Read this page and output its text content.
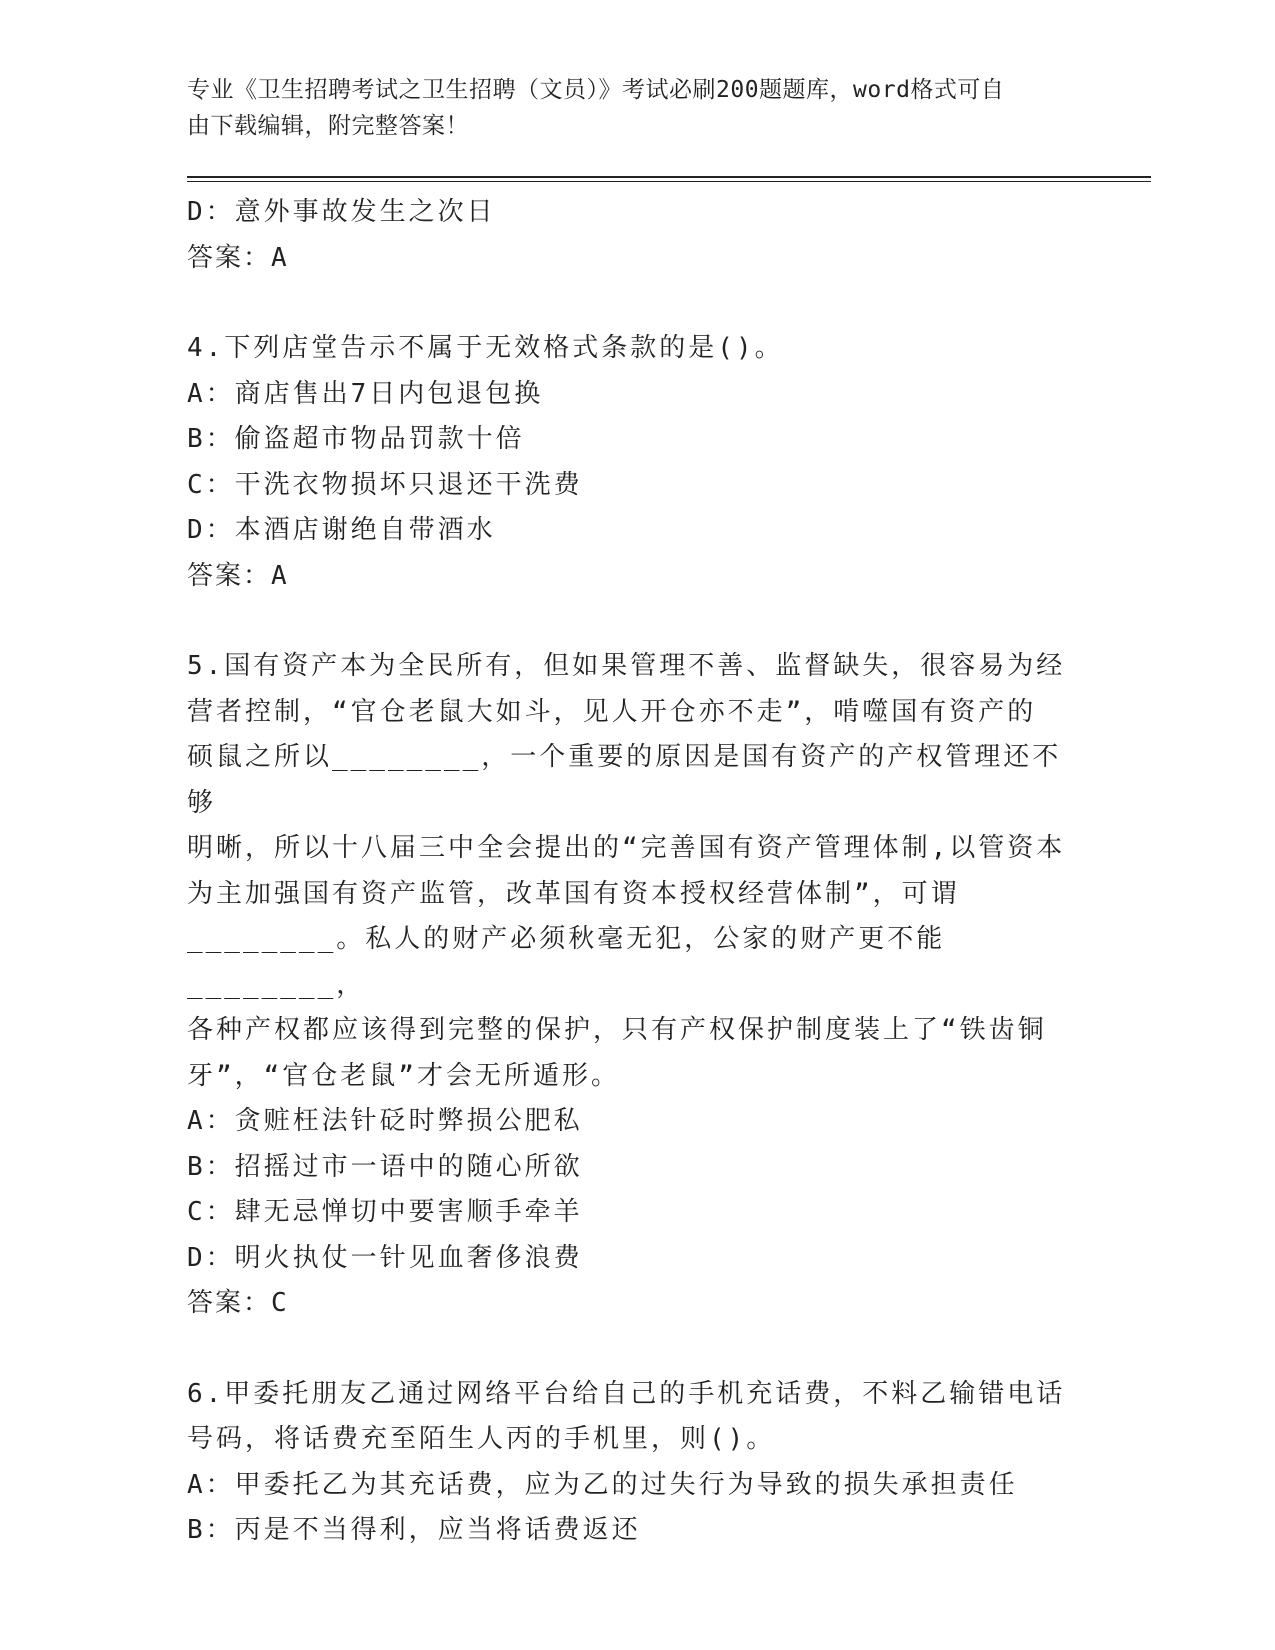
专业《卫生招聘考试之卫生招聘（文员）》考试必刷200题题库，word格式可自
由下载编辑，附完整答案！

D：意外事故发生之次日

答案：A

4.下列店堂告示不属于无效格式条款的是()。

A：商店售出7日内包退包换

B：偷盗超市物品罚款十倍

C：干洗衣物损坏只退还干洗费

D：本酒店谢绝自带酒水

答案：A

5.国有资产本为全民所有，但如果管理不善、监督缺失，很容易为经

营者控制，“官仓老鼠大如斗，见人开仓亦不走”，啃噬国有资产的

硕鼠之所以________，一个重要的原因是国有资产的产权管理还不够

明晰，所以十八届三中全会提出的“完善国有资产管理体制,以管资本

为主加强国有资产监管，改革国有资本授权经营体制”，可谓

________。私人的财产必须秋毫无犯，公家的财产更不能________，

各种产权都应该得到完整的保护，只有产权保护制度装上了“铁齿铜

牙”，“官仓老鼠”才会无所遁形。

A：贪赃枉法针砭时弊损公肥私

B：招摇过市一语中的随心所欲

C：肆无忌惮切中要害顺手牵羊

D：明火执仗一针见血奢侈浪费

答案：C

6.甲委托朋友乙通过网络平台给自己的手机充话费，不料乙输错电话

号码，将话费充至陌生人丙的手机里，则()。

A：甲委托乙为其充话费，应为乙的过失行为导致的损失承担责任

B：丙是不当得利，应当将话费返还
